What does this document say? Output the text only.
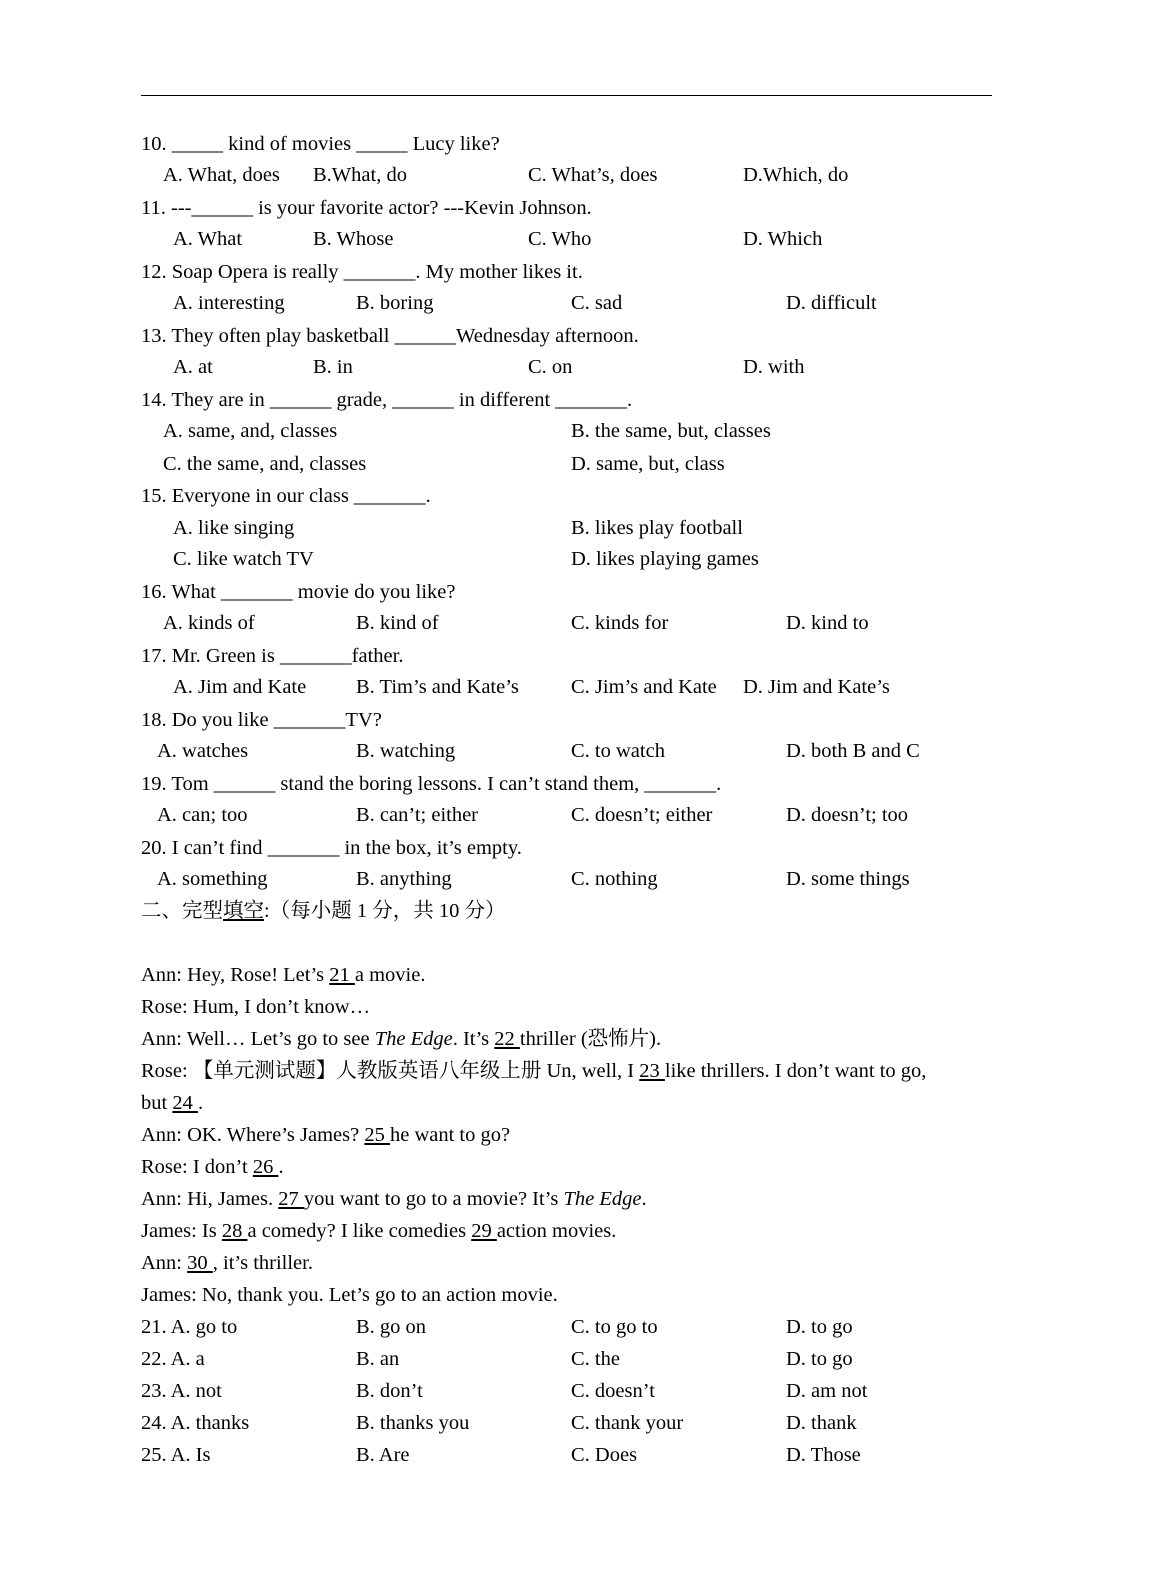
10. _____ kind of movies _____ Lucy like?
A. What, does B.What, do	C. What’s, does	D.Which, do
11. ---______ is your favorite actor? ---Kevin Johnson.
A. What	B. Whose	C. Who	D. Which
12. Soap Opera is really _______. My mother likes it.
A. interesting	B. boring	C. sad	D. difficult
13. They often play basketball ______Wednesday afternoon.
A. at	B. in	C. on	D. with
14. They are in ______ grade, ______ in different _______.
A. same, and, classes	B. the same, but, classes
C. the same, and, classes	D. same, but, class
15. Everyone in our class _______.
A. like singing	B. likes play football
C. like watch TV	D. likes playing games
16. What _______ movie do you like?
A. kinds of	B. kind of	C. kinds for	D. kind to
17. Mr. Green is _______father.
A. Jim and Kate B. Tim’s and Kate’s	C. Jim’s and Kate D. Jim and Kate’s
18. Do you like _______TV?
A. watches	B. watching	C. to watch	D. both B and C
19. Tom ______ stand the boring lessons. I can’t stand them, _______.
A. can; too	B. can’t; either	C. doesn’t; either	D. doesn’t; too
20. I can’t find _______ in the box, it’s empty.
A. something	B. anything	C. nothing	D. some things
二、完型填空:（每小题 1 分，共 10 分）
Ann: Hey, Rose! Let’s 21 a movie.
Rose: Hum, I don’t know…
Ann: Well… Let’s go to see The Edge. It’s 22 thriller (恐怖片).
Rose: 【单元测试题】人教版英语八年级上册 Un, well, I 23 like thrillers. I don’t want to go,
but 24 .
Ann: OK. Where’s James? 25 he want to go?
Rose: I don’t 26 .
Ann: Hi, James. 27 you want to go to a movie? It’s The Edge.
James: Is 28 a comedy? I like comedies 29 action movies.
Ann: 30 , it’s thriller.
James: No, thank you. Let’s go to an action movie.
21. A. go to	B. go on	C. to go to	D. to go
22. A. a	B. an	C. the	D. to go
23. A. not	B. don’t	C. doesn’t	D. am not
24. A. thanks	B. thanks you	C. thank your	D. thank
25. A. Is	B. Are	C. Does	D. Those
